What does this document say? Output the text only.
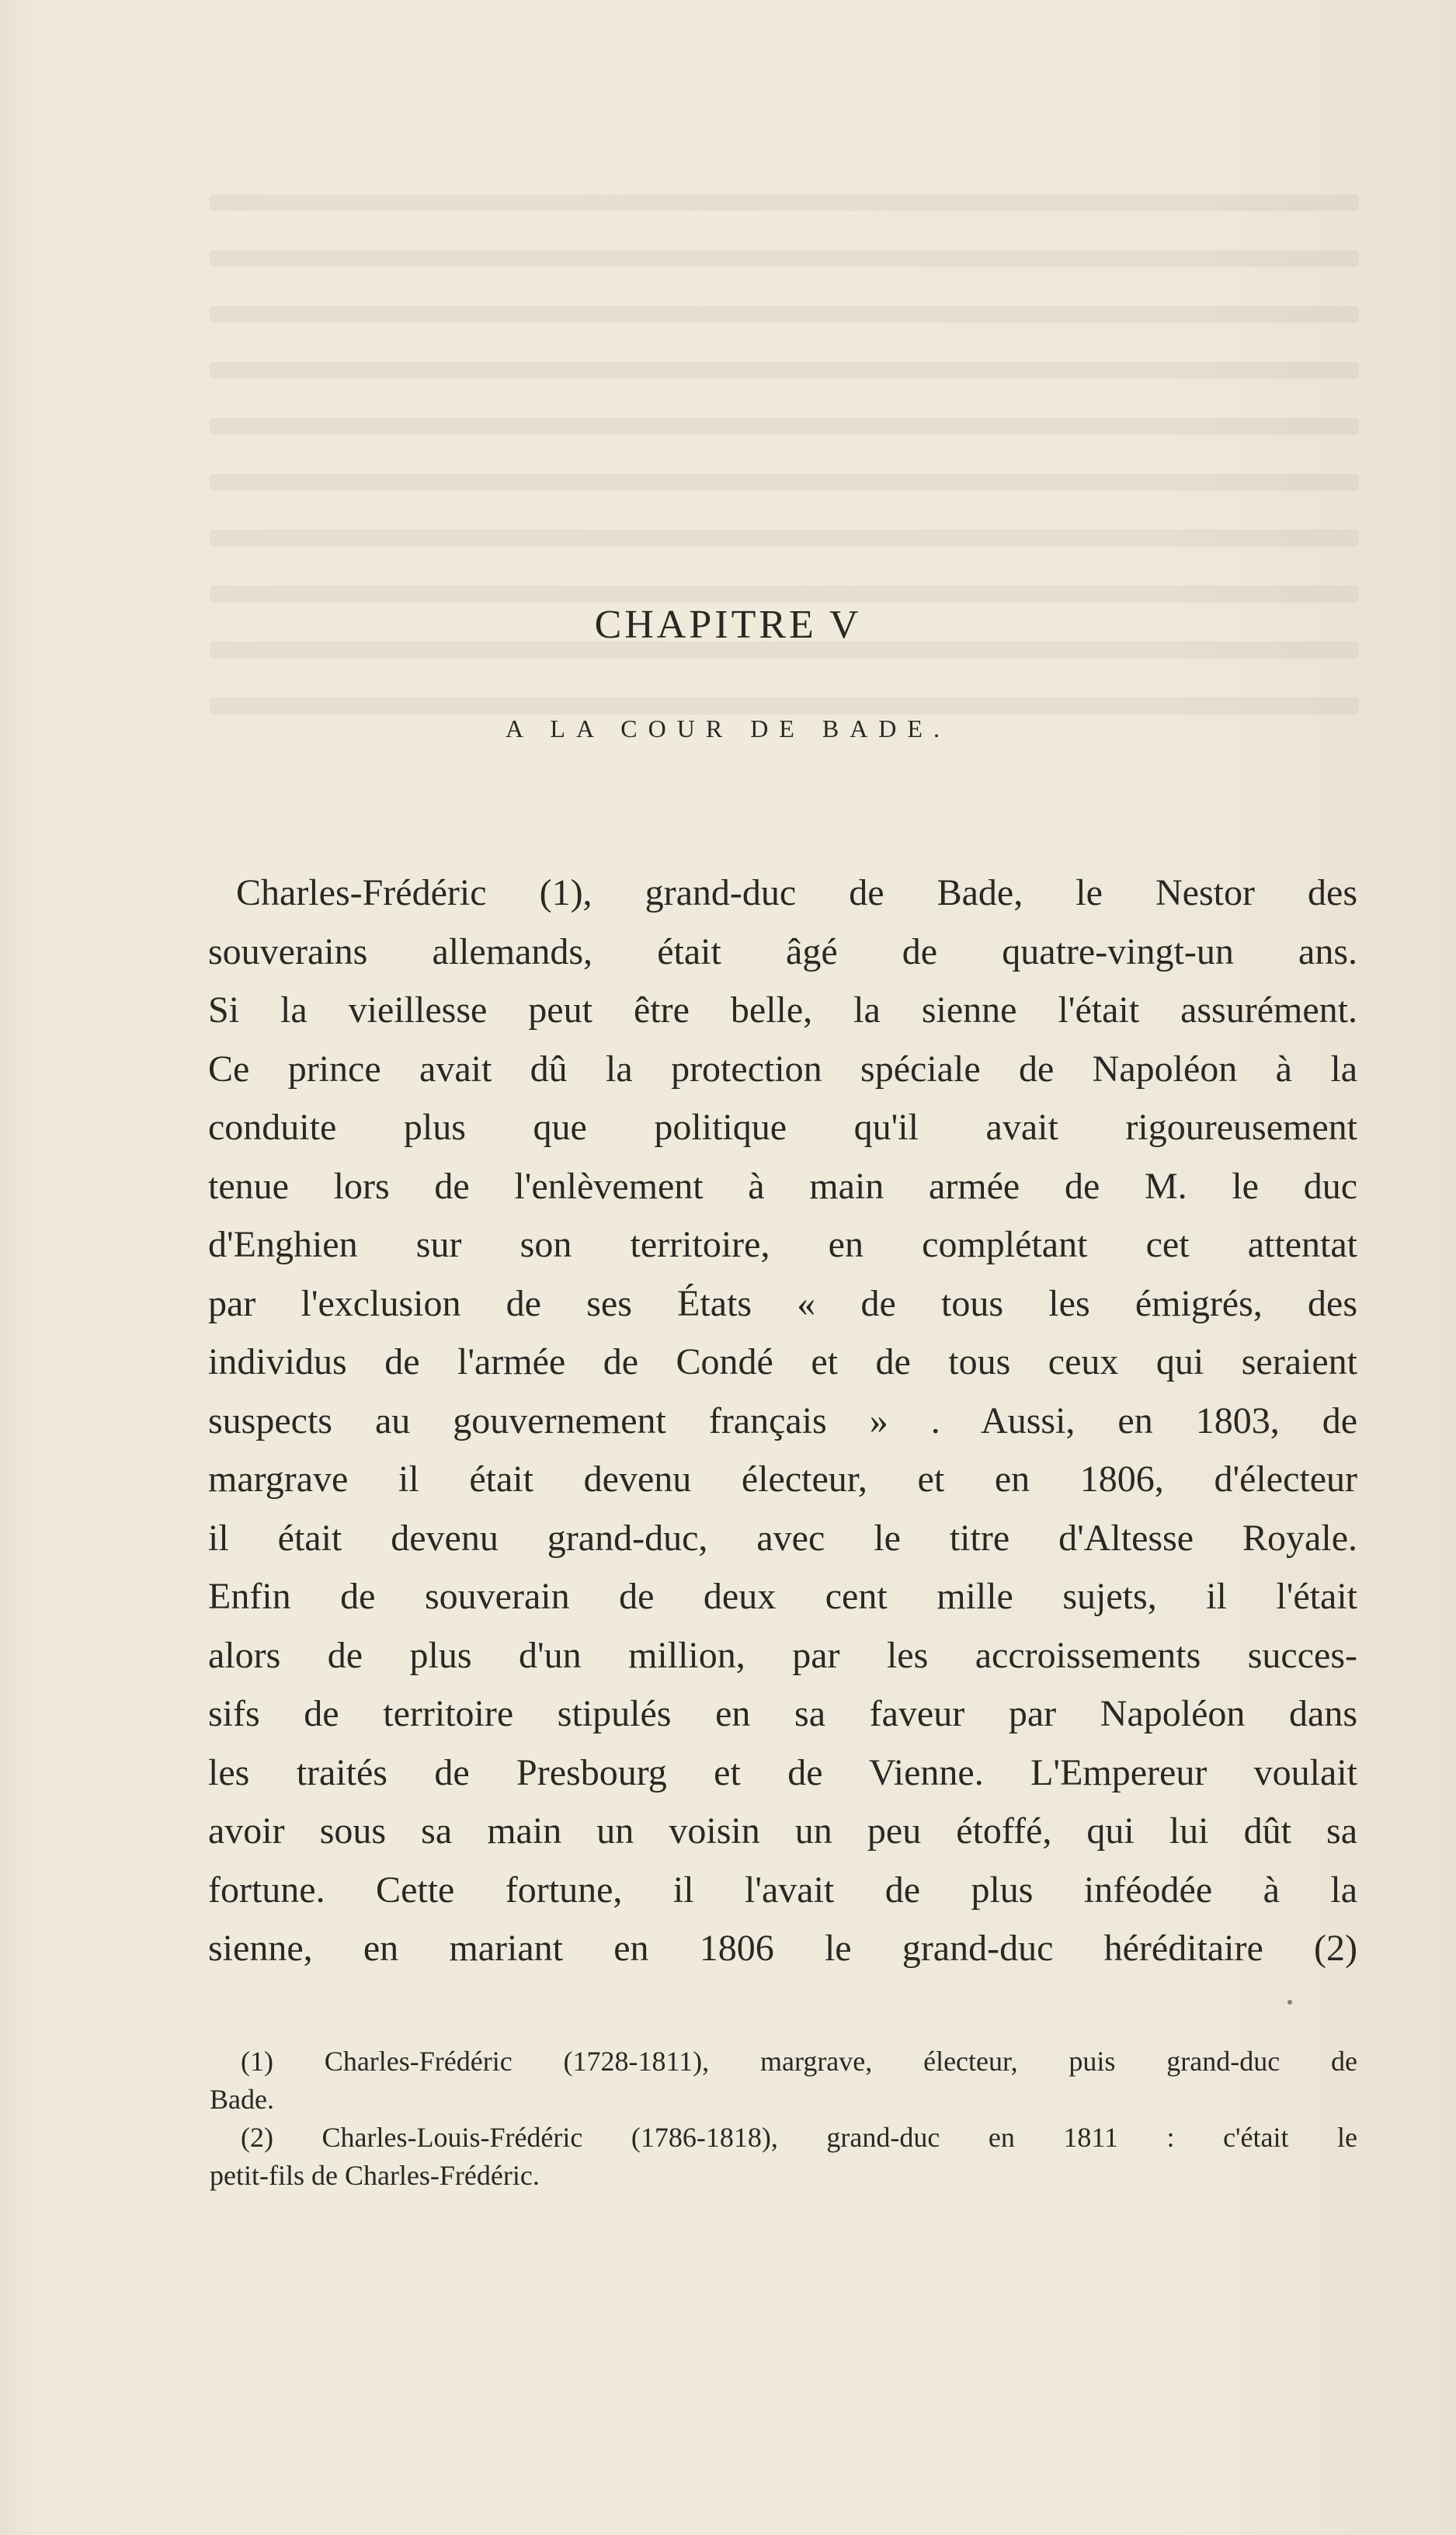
CHAPITRE V
A LA COUR DE BADE.
Charles-Frédéric (1), grand-duc de Bade, le Nestor des
souverains allemands, était âgé de quatre-vingt-un ans.
Si la vieillesse peut être belle, la sienne l'était assurément.
Ce prince avait dû la protection spéciale de Napoléon à la
conduite plus que politique qu'il avait rigoureusement
tenue lors de l'enlèvement à main armée de M. le duc
d'Enghien sur son territoire, en complétant cet attentat
par l'exclusion de ses États « de tous les émigrés, des
individus de l'armée de Condé et de tous ceux qui seraient
suspects au gouvernement français » . Aussi, en 1803, de
margrave il était devenu électeur, et en 1806, d'électeur
il était devenu grand-duc, avec le titre d'Altesse Royale.
Enfin de souverain de deux cent mille sujets, il l'était
alors de plus d'un million, par les accroissements succes-
sifs de territoire stipulés en sa faveur par Napoléon dans
les traités de Presbourg et de Vienne. L'Empereur voulait
avoir sous sa main un voisin un peu étoffé, qui lui dût sa
fortune. Cette fortune, il l'avait de plus inféodée à la
sienne, en mariant en 1806 le grand-duc héréditaire (2)
(1) Charles-Frédéric (1728-1811), margrave, électeur, puis grand-duc de
Bade.
(2) Charles-Louis-Frédéric (1786-1818), grand-duc en 1811 : c'était le
petit-fils de Charles-Frédéric.
